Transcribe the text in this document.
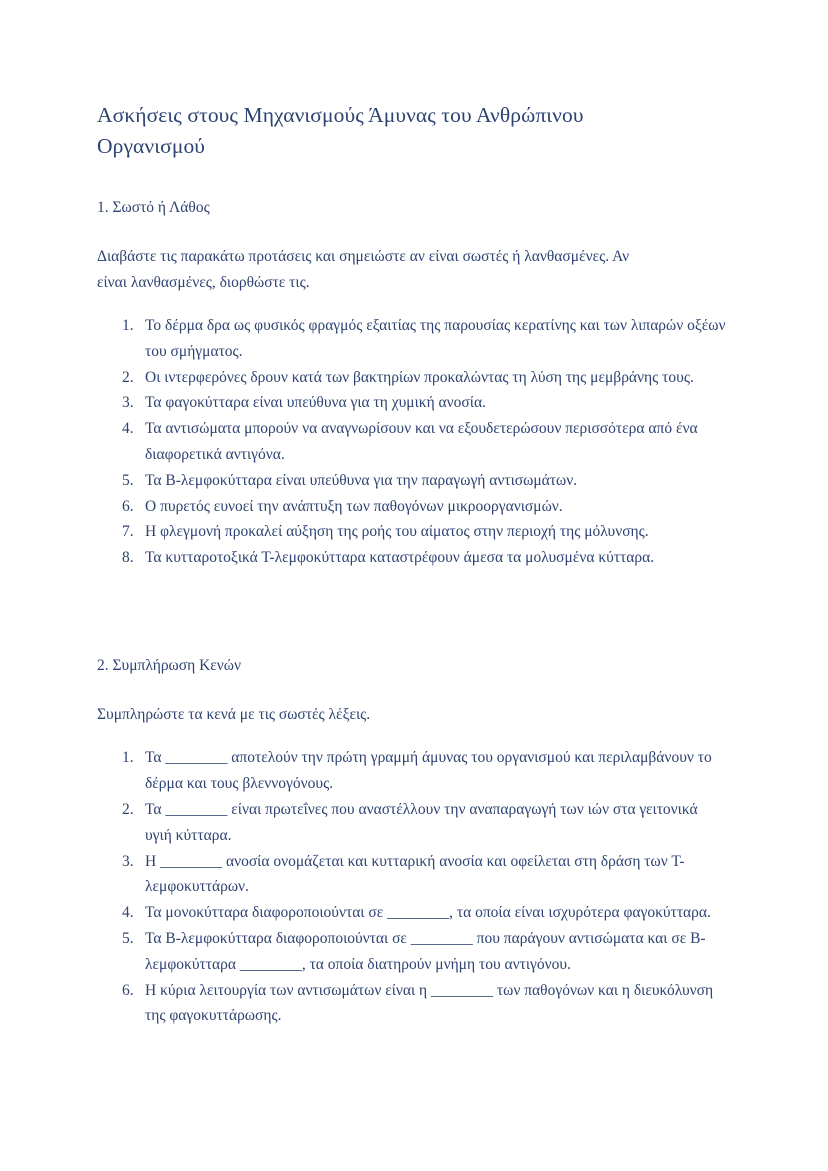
Ασκήσεις στους Μηχανισμούς Άμυνας του Ανθρώπινου Οργανισμού
1. Σωστό ή Λάθος

Διαβάστε τις παρακάτω προτάσεις και σημειώστε αν είναι σωστές ή λανθασμένες. Αν είναι λανθασμένες, διορθώστε τις.

Το δέρμα δρα ως φυσικός φραγμός εξαιτίας της παρουσίας κερατίνης και των λιπαρών οξέων του σμήγματος.
Οι ιντερφερόνες δρουν κατά των βακτηρίων προκαλώντας τη λύση της μεμβράνης τους.
Τα φαγοκύτταρα είναι υπεύθυνα για τη χυμική ανοσία.
Τα αντισώματα μπορούν να αναγνωρίσουν και να εξουδετερώσουν περισσότερα από ένα διαφορετικά αντιγόνα.
Τα Β-λεμφοκύτταρα είναι υπεύθυνα για την παραγωγή αντισωμάτων.
Ο πυρετός ευνοεί την ανάπτυξη των παθογόνων μικροοργανισμών.
Η φλεγμονή προκαλεί αύξηση της ροής του αίματος στην περιοχή της μόλυνσης.
Τα κυτταροτοξικά Τ-λεμφοκύτταρα καταστρέφουν άμεσα τα μολυσμένα κύτταρα.
2. Συμπλήρωση Κενών

Συμπληρώστε τα κενά με τις σωστές λέξεις.

Τα ________ αποτελούν την πρώτη γραμμή άμυνας του οργανισμού και περιλαμβάνουν το δέρμα και τους βλεννογόνους.
Τα ________ είναι πρωτεΐνες που αναστέλλουν την αναπαραγωγή των ιών στα γειτονικά υγιή κύτταρα.
Η ________ ανοσία ονομάζεται και κυτταρική ανοσία και οφείλεται στη δράση των Τ-λεμφοκυττάρων.
Τα μονοκύτταρα διαφοροποιούνται σε ________, τα οποία είναι ισχυρότερα φαγοκύτταρα.
Τα Β-λεμφοκύτταρα διαφοροποιούνται σε ________ που παράγουν αντισώματα και σε Β-λεμφοκύτταρα ________, τα οποία διατηρούν μνήμη του αντιγόνου.
Η κύρια λειτουργία των αντισωμάτων είναι η ________ των παθογόνων και η διευκόλυνση της φαγοκυττάρωσης.
